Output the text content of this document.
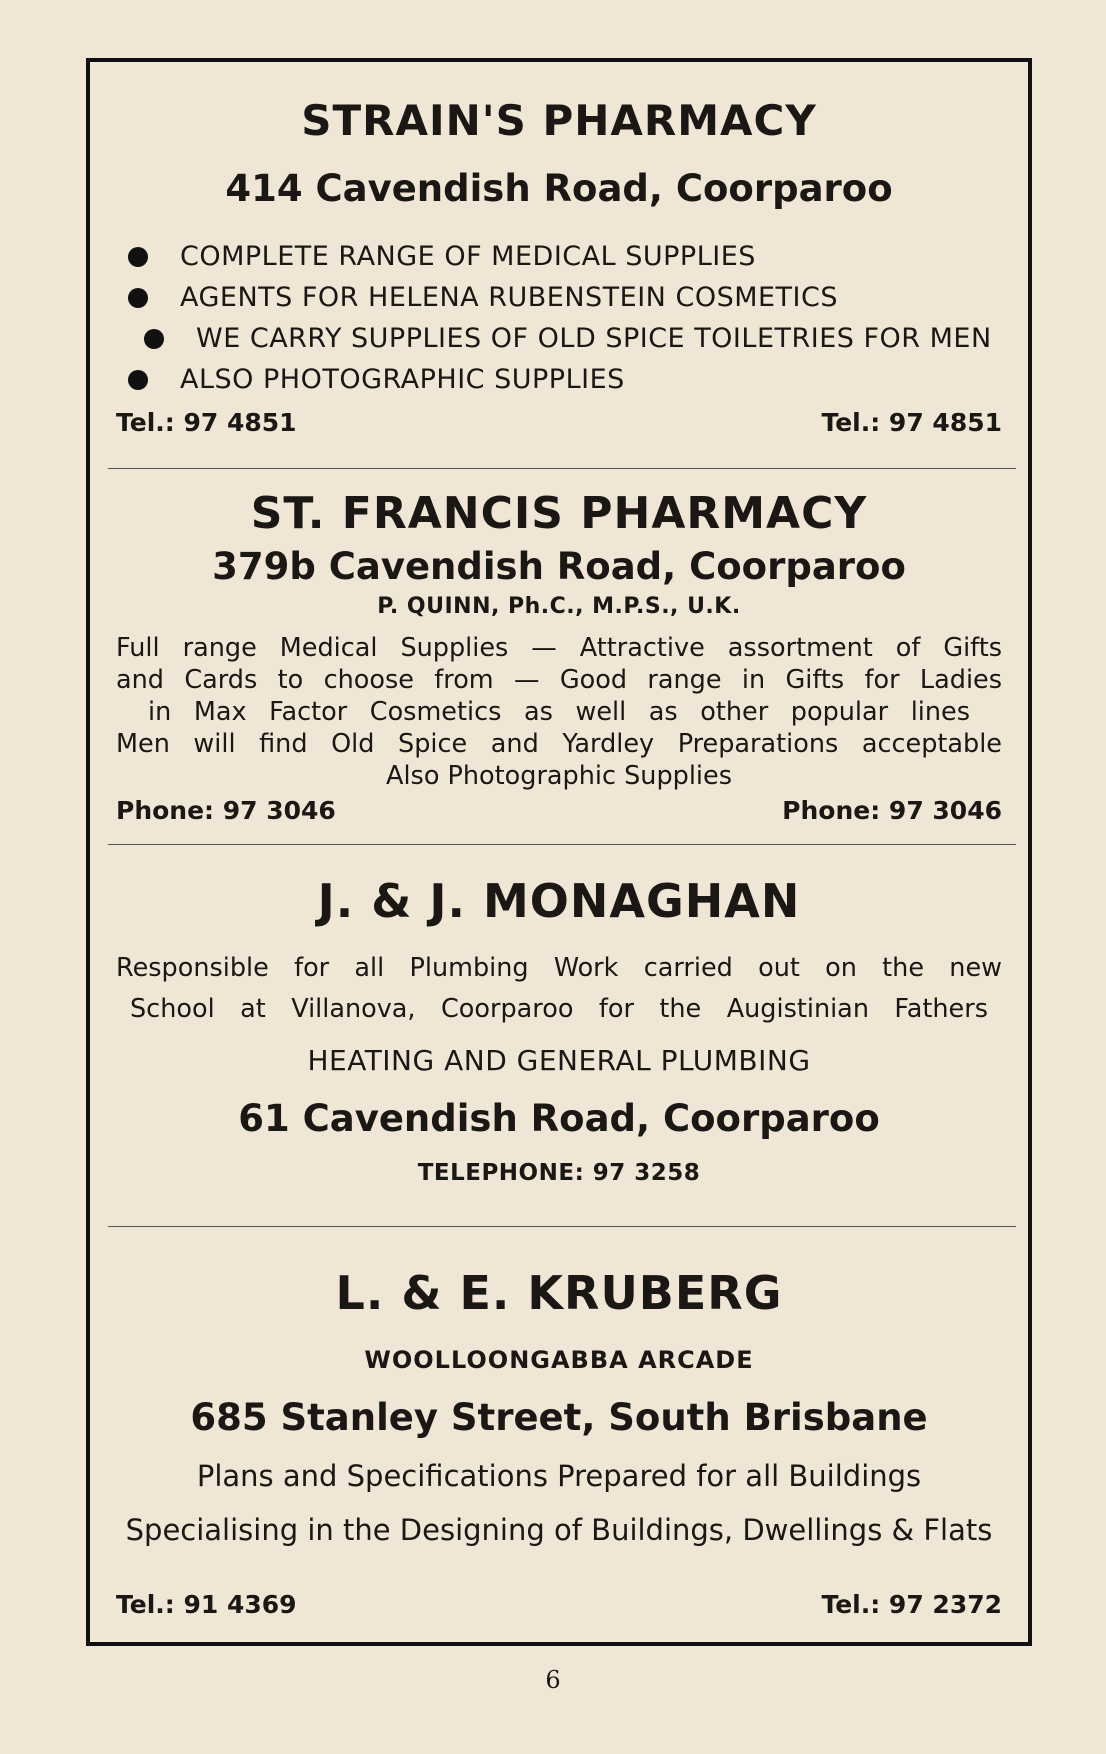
STRAIN'S PHARMACY

414 Cavendish Road, Coorparoo

COMPLETE RANGE OF MEDICAL SUPPLIES
AGENTS FOR HELENA RUBENSTEIN COSMETICS
WE CARRY SUPPLIES OF OLD SPICE TOILETRIES FOR MEN
ALSO PHOTOGRAPHIC SUPPLIES
Tel.: 97 4851	Tel.: 97 4851
ST. FRANCIS PHARMACY

379b Cavendish Road, Coorparoo

P. QUINN, Ph.C., M.P.S., U.K.

Full range Medical Supplies — Attractive assortment of Gifts
and Cards to choose from — Good range in Gifts for Ladies
in Max Factor Cosmetics as well as other popular lines
Men will find Old Spice and Yardley Preparations acceptable
Also Photographic Supplies

Phone: 97 3046	Phone: 97 3046
J. & J. MONAGHAN

Responsible for all Plumbing Work carried out on the new
School at Villanova, Coorparoo for the Augistinian Fathers

HEATING AND GENERAL PLUMBING

61 Cavendish Road, Coorparoo

TELEPHONE: 97 3258

L. & E. KRUBERG

WOOLLOONGABBA ARCADE

685 Stanley Street, South Brisbane

Plans and Specifications Prepared for all Buildings

Specialising in the Designing of Buildings, Dwellings & Flats

Tel.: 91 4369	Tel.: 97 2372
6
